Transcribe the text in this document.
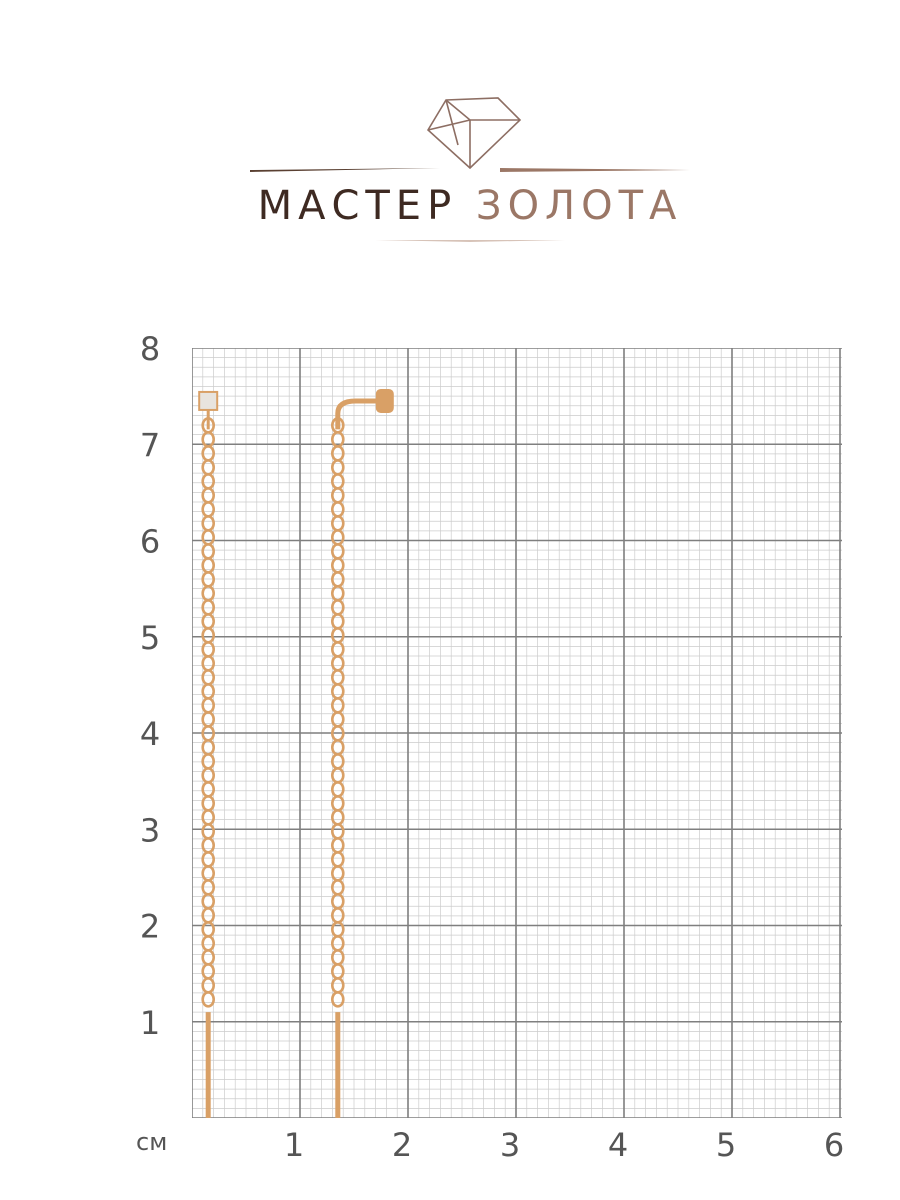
МАСТЕР ЗОЛОТА
1
2
3
4
5
6
7
8
1	2	3	4	5	6
см
